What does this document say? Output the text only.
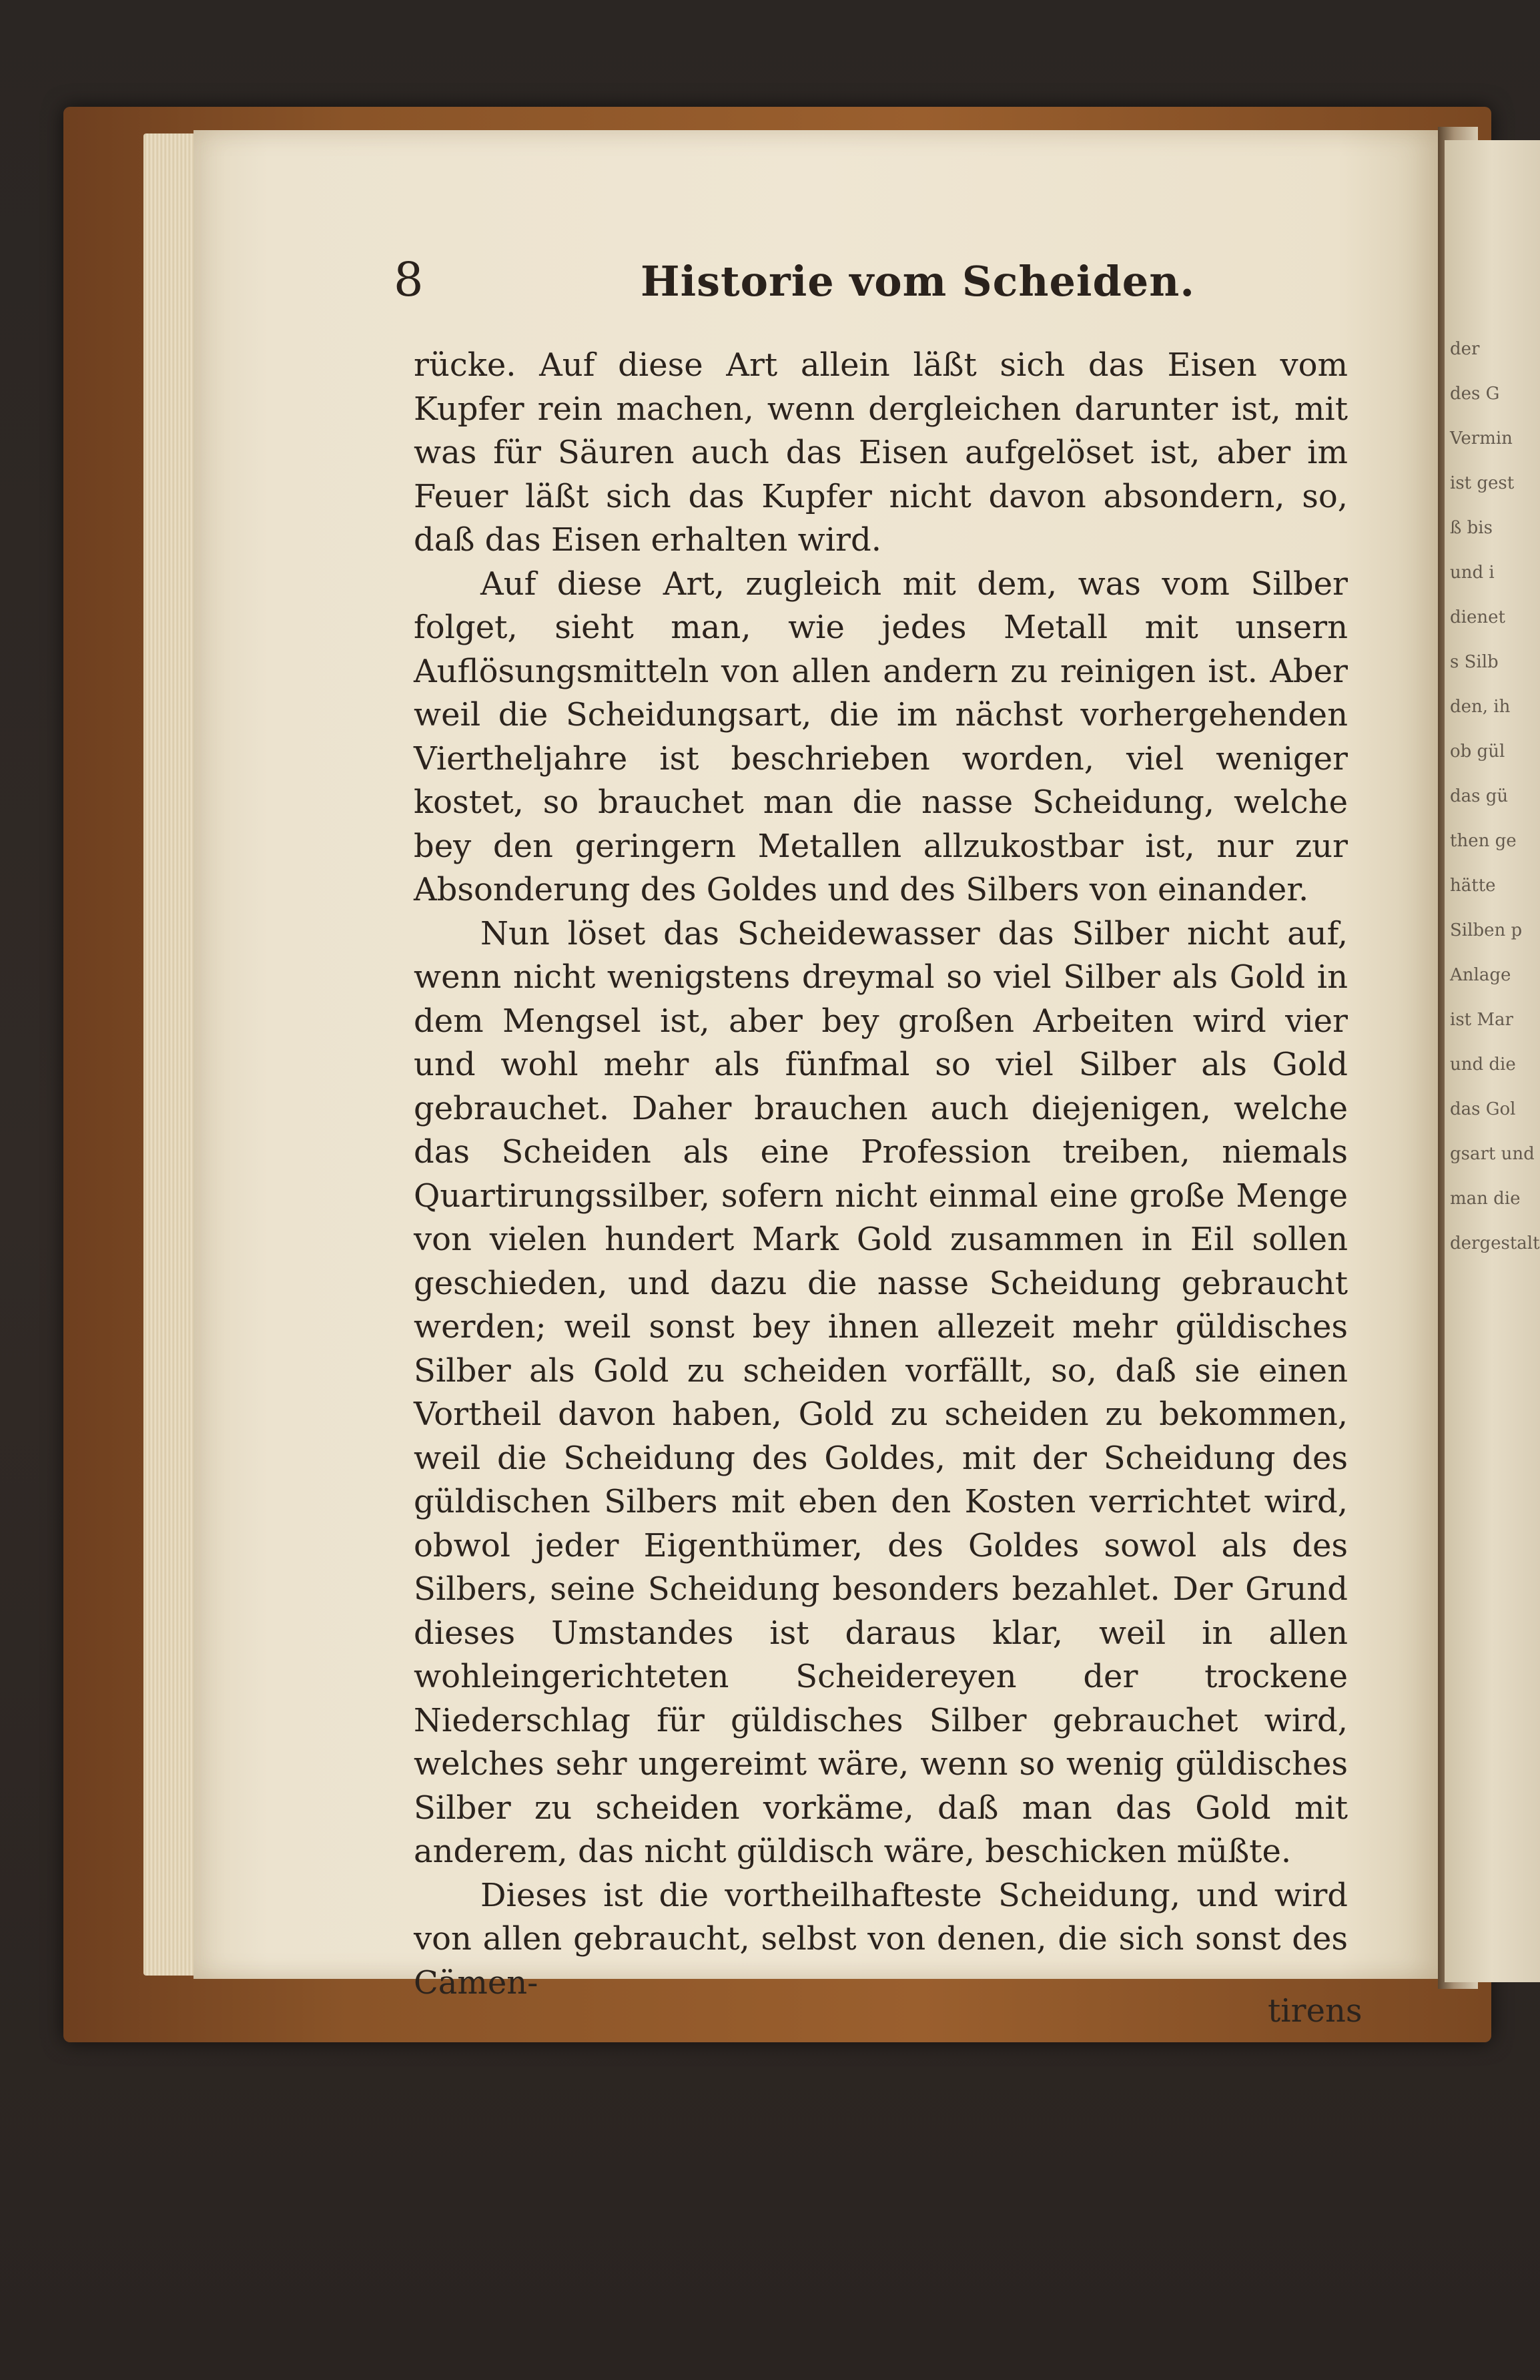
der
des G
Vermin
ist gest
ß bis
und i
dienet
s Silb
den, ih
ob gül
das gü
then ge
hätte
Silben p
Anlage
ist Mar
und die
das Gol
gsart und
man die
dergestalt
8	Historie vom Scheiden.

rücke. Auf diese Art allein läßt sich das Eisen vom Kupfer rein machen, wenn dergleichen darunter ist, mit was für Säuren auch das Eisen aufgelöset ist, aber im Feuer läßt sich das Kupfer nicht davon absondern, so, daß das Eisen erhalten wird.

Auf diese Art, zugleich mit dem, was vom Silber folget, sieht man, wie jedes Metall mit unsern Auflösungsmitteln von allen andern zu reinigen ist. Aber weil die Scheidungsart, die im nächst vorhergehenden Viertheljahre ist beschrieben worden, viel weniger kostet, so brauchet man die nasse Scheidung, welche bey den geringern Metallen allzukostbar ist, nur zur Absonderung des Goldes und des Silbers von einander.

Nun löset das Scheidewasser das Silber nicht auf, wenn nicht wenigstens dreymal so viel Silber als Gold in dem Mengsel ist, aber bey großen Arbeiten wird vier und wohl mehr als fünfmal so viel Silber als Gold gebrauchet. Daher brauchen auch diejenigen, welche das Scheiden als eine Profession treiben, niemals Quartirungssilber, sofern nicht einmal eine große Menge von vielen hundert Mark Gold zusammen in Eil sollen geschieden, und dazu die nasse Scheidung gebraucht werden; weil sonst bey ihnen allezeit mehr güldisches Silber als Gold zu scheiden vorfällt, so, daß sie einen Vortheil davon haben, Gold zu scheiden zu bekommen, weil die Scheidung des Goldes, mit der Scheidung des güldischen Silbers mit eben den Kosten verrichtet wird, obwol jeder Eigenthümer, des Goldes sowol als des Silbers, seine Scheidung besonders bezahlet. Der Grund dieses Umstandes ist daraus klar, weil in allen wohleingerichteten Scheidereyen der trockene Niederschlag für güldisches Silber gebrauchet wird, welches sehr ungereimt wäre, wenn so wenig güldisches Silber zu scheiden vorkäme, daß man das Gold mit anderem, das nicht güldisch wäre, beschicken müßte.

Dieses ist die vortheilhafteste Scheidung, und wird von allen gebraucht, selbst von denen, die sich sonst des Cämen-

tirens
